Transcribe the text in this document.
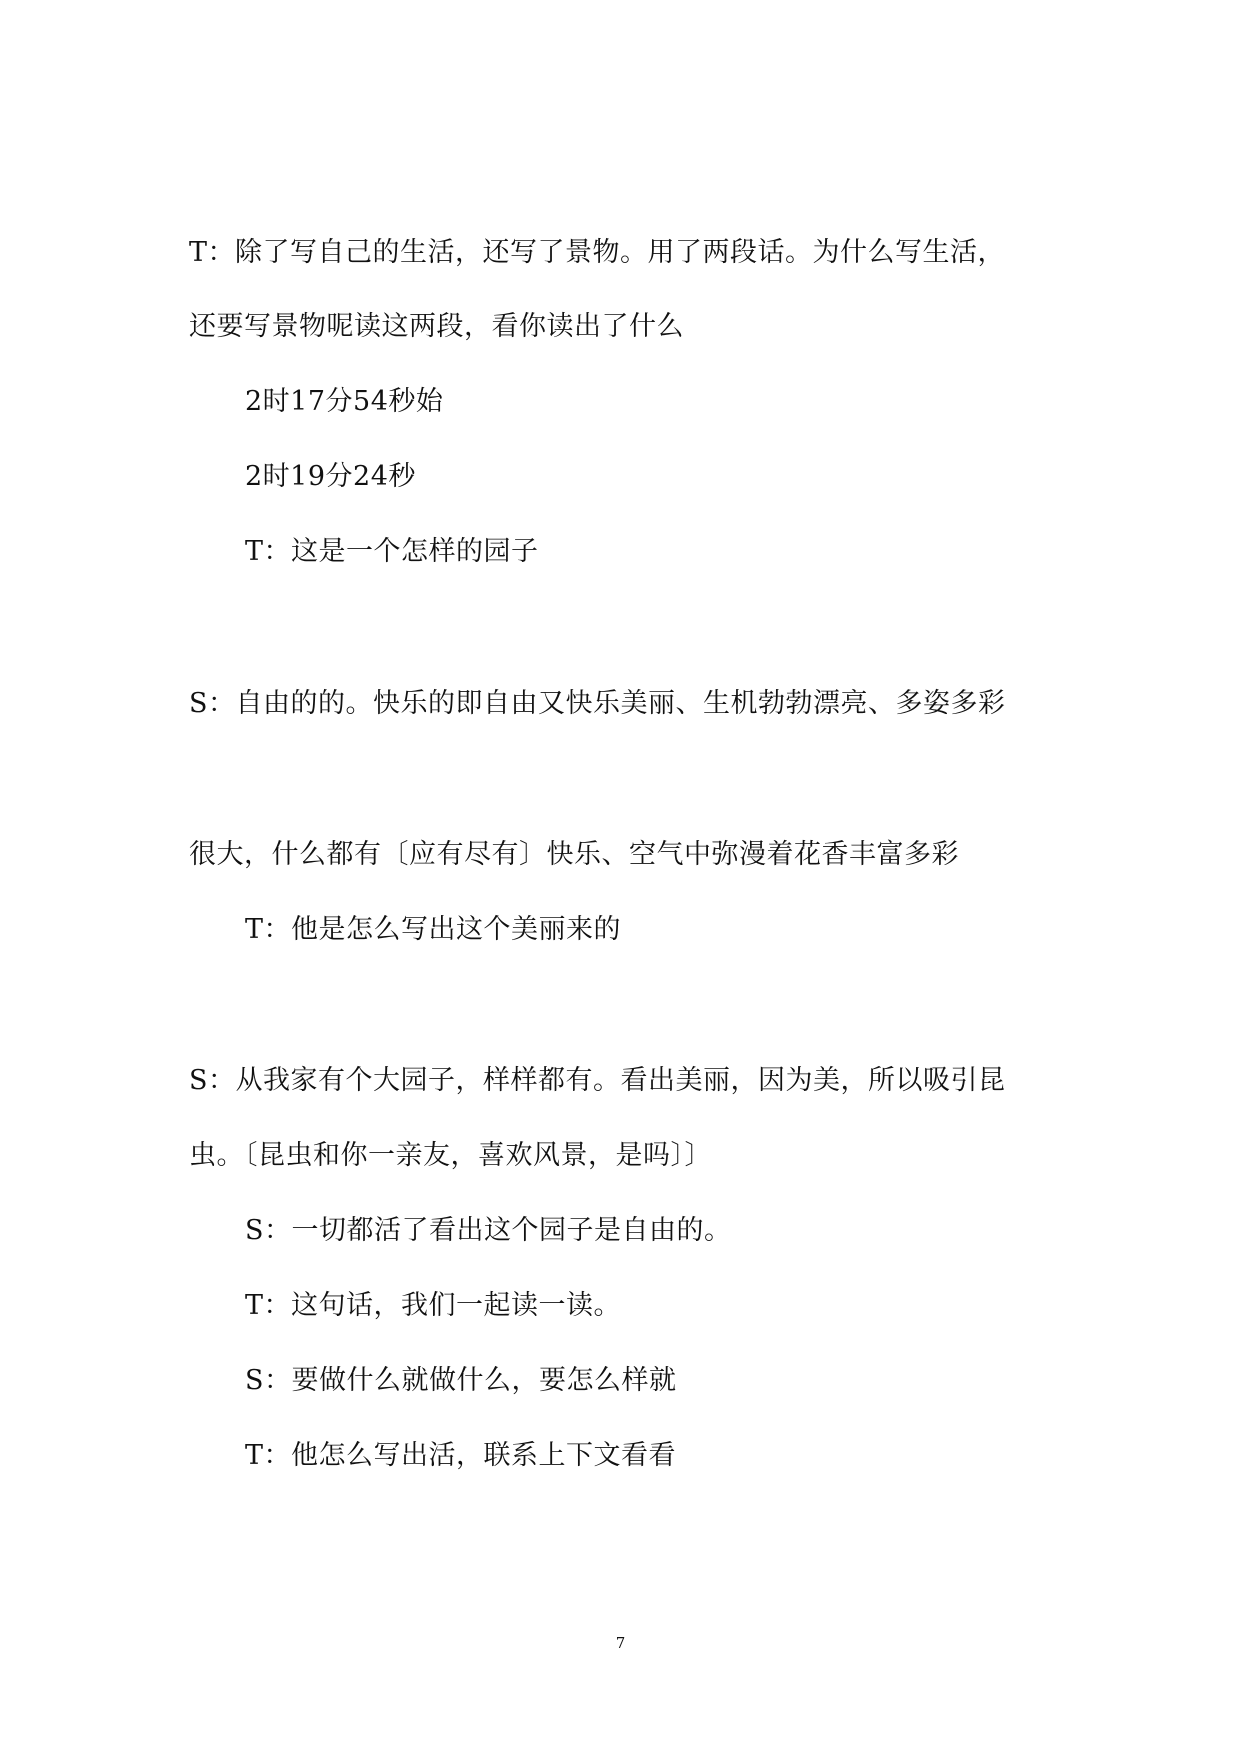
T：除了写自己的生活，还写了景物。用了两段话。为什么写生活，
还要写景物呢读这两段，看你读出了什么
2时17分54秒始
2时19分24秒
T：这是一个怎样的园子
S：自由的的。快乐的即自由又快乐美丽、生机勃勃漂亮、多姿多彩
很大，什么都有〔应有尽有〕快乐、空气中弥漫着花香丰富多彩
T：他是怎么写出这个美丽来的
S：从我家有个大园子，样样都有。看出美丽，因为美，所以吸引昆
虫。〔昆虫和你一亲友，喜欢风景，是吗〕〕
S：一切都活了看出这个园子是自由的。
T：这句话，我们一起读一读。
S：要做什么就做什么，要怎么样就
T：他怎么写出活，联系上下文看看
7
